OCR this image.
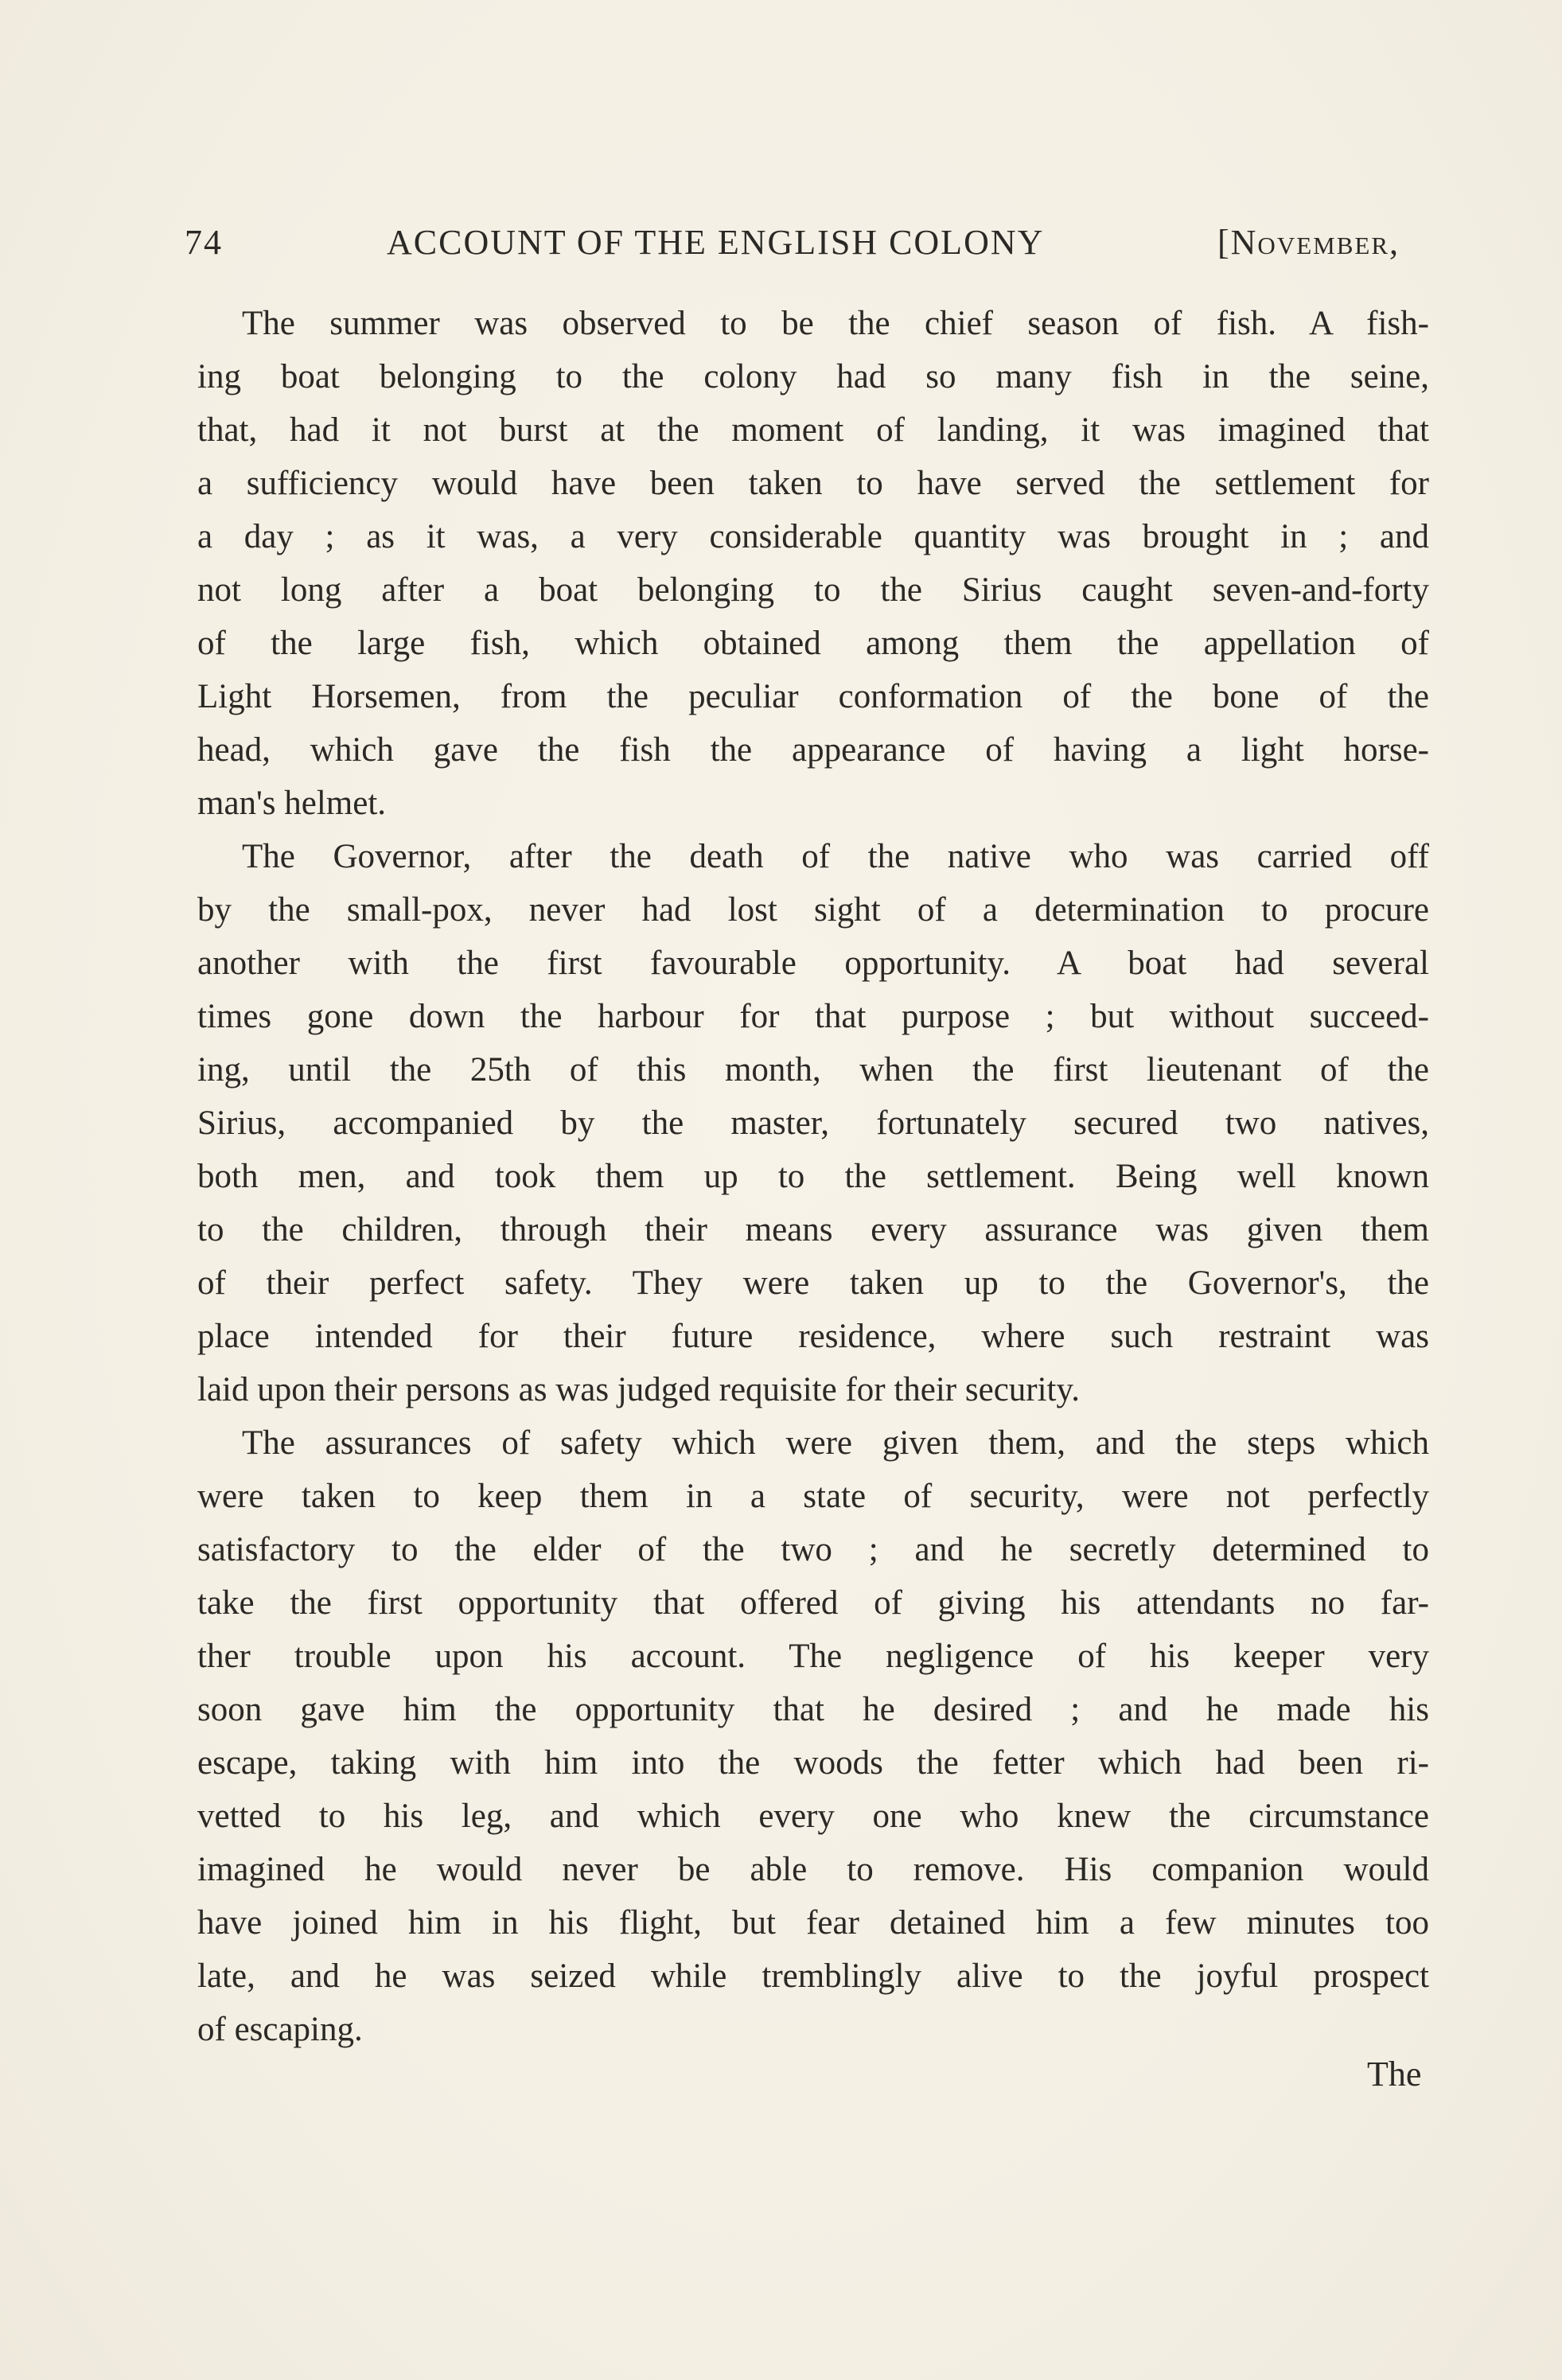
74	ACCOUNT OF THE ENGLISH COLONY	[November,
The summer was observed to be the chief season of fish. A fish-
ing boat belonging to the colony had so many fish in the seine,
that, had it not burst at the moment of landing, it was imagined that
a sufficiency would have been taken to have served the settlement for
a day ; as it was, a very considerable quantity was brought in ; and
not long after a boat belonging to the Sirius caught seven-and-forty
of the large fish, which obtained among them the appellation of
Light Horsemen, from the peculiar conformation of the bone of the
head, which gave the fish the appearance of having a light horse-
man's helmet.
The Governor, after the death of the native who was carried off
by the small-pox, never had lost sight of a determination to procure
another with the first favourable opportunity. A boat had several
times gone down the harbour for that purpose ; but without succeed-
ing, until the 25th of this month, when the first lieutenant of the
Sirius, accompanied by the master, fortunately secured two natives,
both men, and took them up to the settlement. Being well known
to the children, through their means every assurance was given them
of their perfect safety. They were taken up to the Governor's, the
place intended for their future residence, where such restraint was
laid upon their persons as was judged requisite for their security.
The assurances of safety which were given them, and the steps which
were taken to keep them in a state of security, were not perfectly
satisfactory to the elder of the two ; and he secretly determined to
take the first opportunity that offered of giving his attendants no far-
ther trouble upon his account. The negligence of his keeper very
soon gave him the opportunity that he desired ; and he made his
escape, taking with him into the woods the fetter which had been ri-
vetted to his leg, and which every one who knew the circumstance
imagined he would never be able to remove. His companion would
have joined him in his flight, but fear detained him a few minutes too
late, and he was seized while tremblingly alive to the joyful prospect
of escaping.
The
